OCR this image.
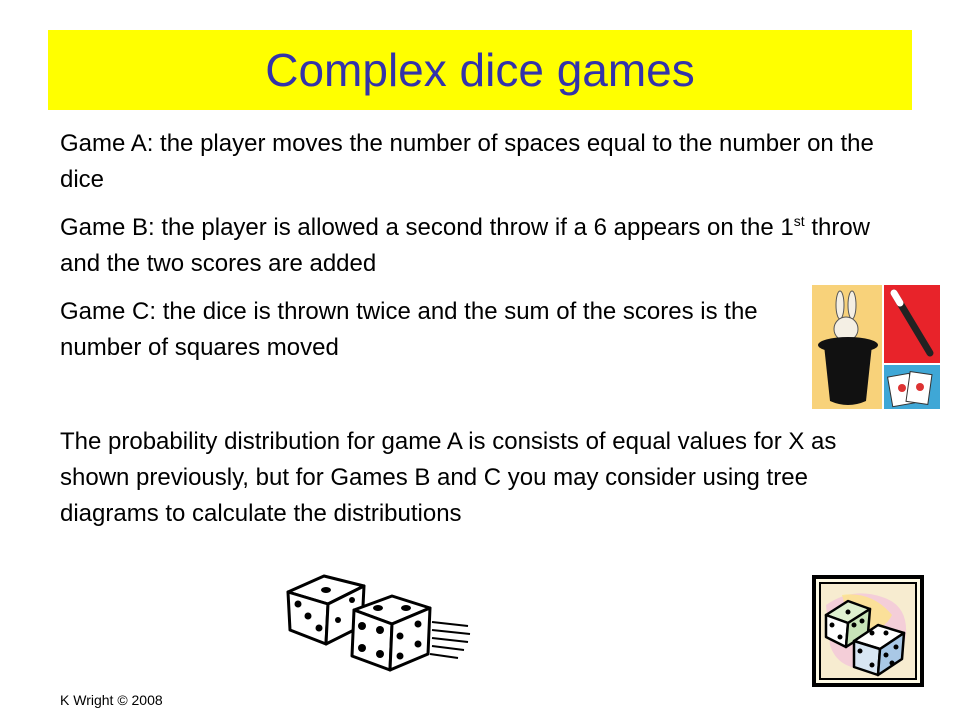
Complex dice games

Game A: the player moves the number of spaces equal to the number on the dice

Game B: the player is allowed a second throw if a 6 appears on the 1st throw and the two scores are added

Game C: the dice is thrown twice and the sum of the scores is the number of squares moved

The probability distribution for game A is consists of equal values for X as shown previously, but for Games B and C you may consider using tree diagrams to calculate the distributions

K Wright © 2008
